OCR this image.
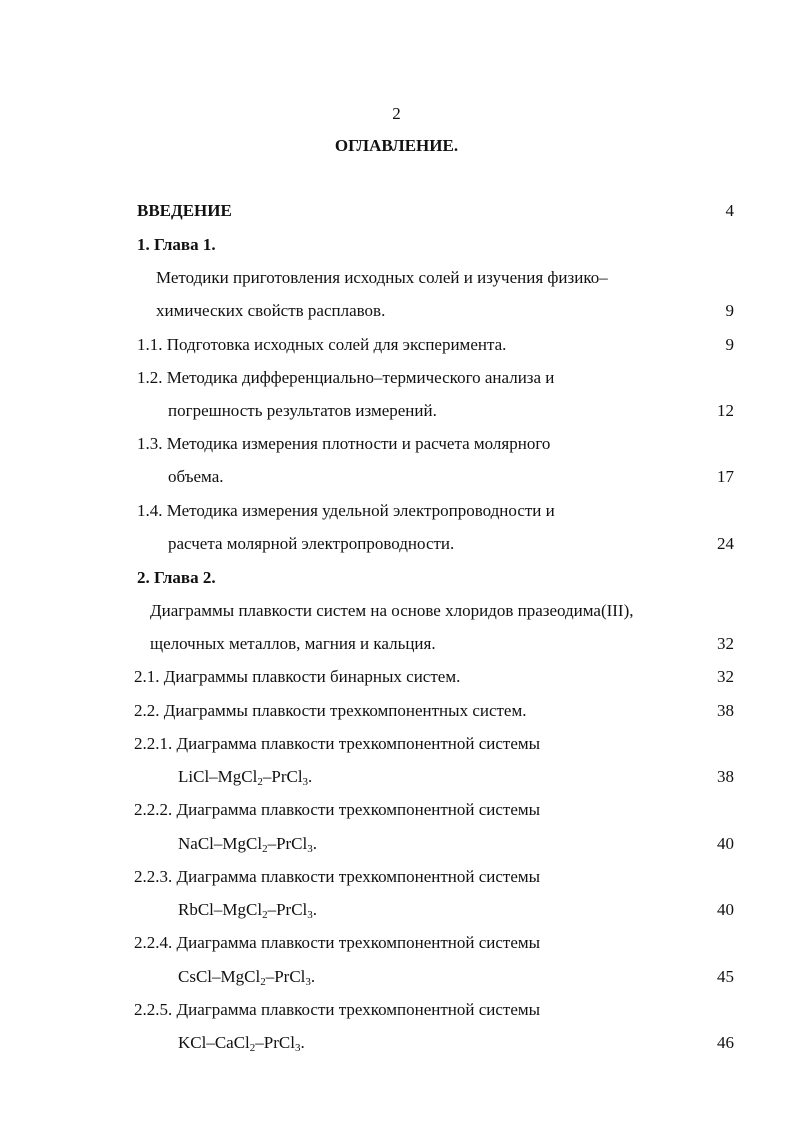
2
ОГЛАВЛЕНИЕ.
ВВЕДЕНИЕ	4
1. Глава 1.
Методики приготовления исходных солей и изучения физико–
химических свойств расплавов.	9
1.1. Подготовка исходных солей для эксперимента.	9
1.2. Методика дифференциально–термического анализа и
погрешность результатов измерений.	12
1.3. Методика измерения плотности и расчета молярного
объема.	17
1.4. Методика измерения удельной электропроводности и
расчета молярной электропроводности.	24
2. Глава 2.
Диаграммы плавкости систем на основе хлоридов празеодима(III),
щелочных металлов, магния и кальция.	32
2.1. Диаграммы плавкости бинарных систем.	32
2.2. Диаграммы плавкости трехкомпонентных систем.	38
2.2.1. Диаграмма плавкости трехкомпонентной системы
LiCl–MgCl$_2$–PrCl$_3$.	38
2.2.2. Диаграмма плавкости трехкомпонентной системы
NaCl–MgCl$_2$–PrCl$_3$.	40
2.2.3. Диаграмма плавкости трехкомпонентной системы
RbCl–MgCl$_2$–PrCl$_3$.	40
2.2.4. Диаграмма плавкости трехкомпонентной системы
CsCl–MgCl$_2$–PrCl$_3$.	45
2.2.5. Диаграмма плавкости трехкомпонентной системы
KCl–CaCl$_2$–PrCl$_3$.	46
